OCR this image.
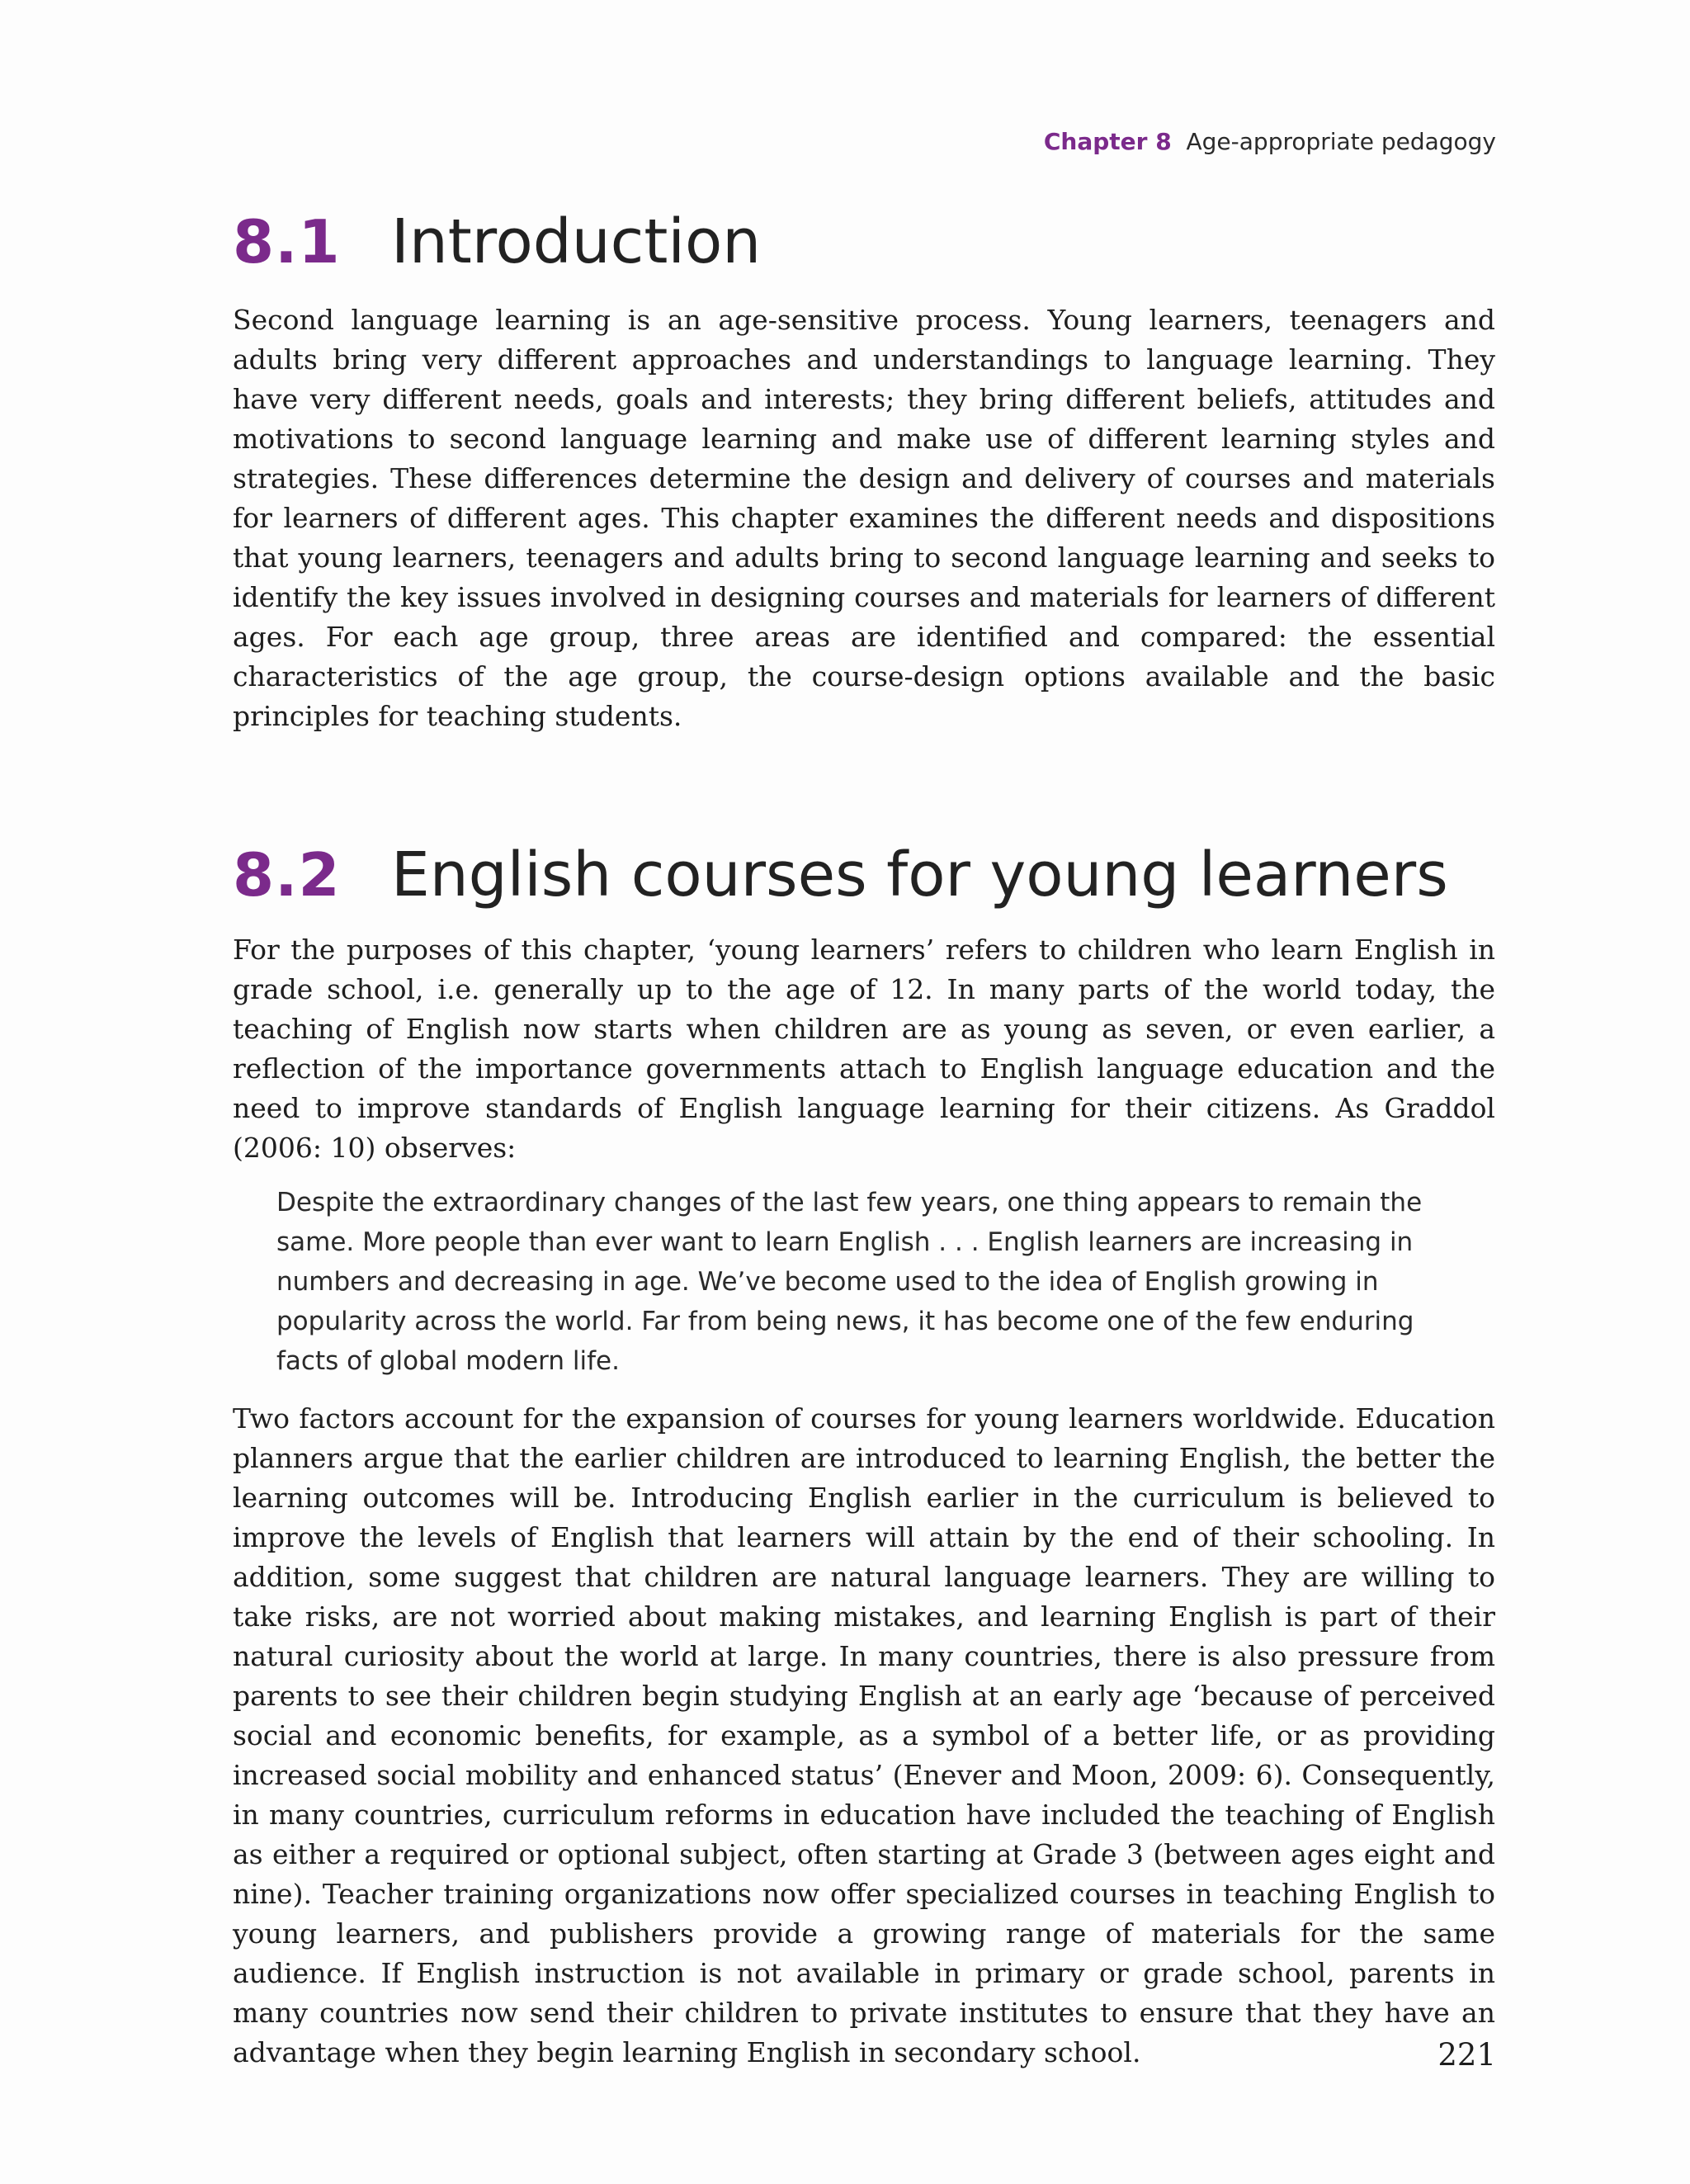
Chapter 8 Age-appropriate pedagogy
8.1 Introduction

Second language learning is an age-sensitive process. Young learners, teenagers and adults bring very different approaches and understandings to language learning. They have very different needs, goals and interests; they bring different beliefs, attitudes and motivations to second language learning and make use of different learning styles and strategies. These differences determine the design and delivery of courses and materials for learners of different ages. This chapter examines the different needs and dispositions that young learners, teenagers and adults bring to second language learning and seeks to identify the key issues involved in designing courses and materials for learners of different ages. For each age group, three areas are identified and compared: the essential characteristics of the age group, the course-design options available and the basic principles for teaching students.

8.2 English courses for young learners

For the purposes of this chapter, ‘young learners’ refers to children who learn English in grade school, i.e. generally up to the age of 12. In many parts of the world today, the teaching of English now starts when children are as young as seven, or even earlier, a reflection of the importance governments attach to English language education and the need to improve standards of English language learning for their citizens. As Graddol (2006: 10) observes:

Despite the extraordinary changes of the last few years, one thing appears to remain the same. More people than ever want to learn English . . . English learners are increasing in numbers and decreasing in age. We’ve become used to the idea of English growing in popularity across the world. Far from being news, it has become one of the few enduring facts of global modern life.

Two factors account for the expansion of courses for young learners worldwide. Education planners argue that the earlier children are introduced to learning English, the better the learning outcomes will be. Introducing English earlier in the curriculum is believed to improve the levels of English that learners will attain by the end of their schooling. In addition, some suggest that children are natural language learners. They are willing to take risks, are not worried about making mistakes, and learning English is part of their natural curiosity about the world at large. In many countries, there is also pressure from parents to see their children begin studying English at an early age ‘because of perceived social and economic benefits, for example, as a symbol of a better life, or as providing increased social mobility and enhanced status’ (Enever and Moon, 2009: 6). Consequently, in many countries, curriculum reforms in education have included the teaching of English as either a required or optional subject, often starting at Grade 3 (between ages eight and nine). Teacher training organizations now offer specialized courses in teaching English to young learners, and publishers provide a growing range of materials for the same audience. If English instruction is not available in primary or grade school, parents in many countries now send their children to private institutes to ensure that they have an advantage when they begin learning English in secondary school.	221
